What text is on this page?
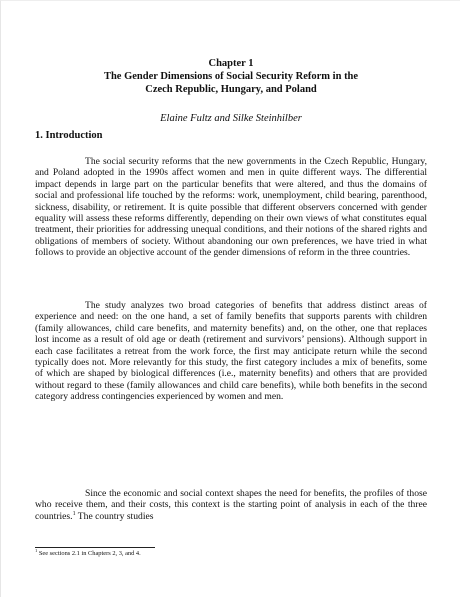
Chapter 1

The Gender Dimensions of Social Security Reform in the

Czech Republic, Hungary, and Poland

Elaine Fultz and Silke Steinhilber

1. Introduction

The social security reforms that the new governments in the Czech Republic, Hungary, and Poland adopted in the 1990s affect women and men in quite different ways. The differential impact depends in large part on the particular benefits that were altered, and thus the domains of social and professional life touched by the reforms: work, unemployment, child bearing, parenthood, sickness, disability, or retirement. It is quite possible that different observers concerned with gender equality will assess these reforms differently, depending on their own views of what constitutes equal treatment, their priorities for addressing unequal conditions, and their notions of the shared rights and obligations of members of society. Without abandoning our own preferences, we have tried in what follows to provide an objective account of the gender dimensions of reform in the three countries.

The study analyzes two broad categories of benefits that address distinct areas of experience and need: on the one hand, a set of family benefits that supports parents with children (family allowances, child care benefits, and maternity benefits) and, on the other, one that replaces lost income as a result of old age or death (retirement and survivors’ pensions). Although support in each case facilitates a retreat from the work force, the first may anticipate return while the second typically does not. More relevantly for this study, the first category includes a mix of benefits, some of which are shaped by biological differences (i.e., maternity benefits) and others that are provided without regard to these (family allowances and child care benefits), while both benefits in the second category address contingencies experienced by women and men.

Since the economic and social context shapes the need for benefits, the profiles of those who receive them, and their costs, this context is the starting point of analysis in each of the three countries.$^1$ The country studies

$^1$ See sections 2.1 in Chapters 2, 3, and 4.
